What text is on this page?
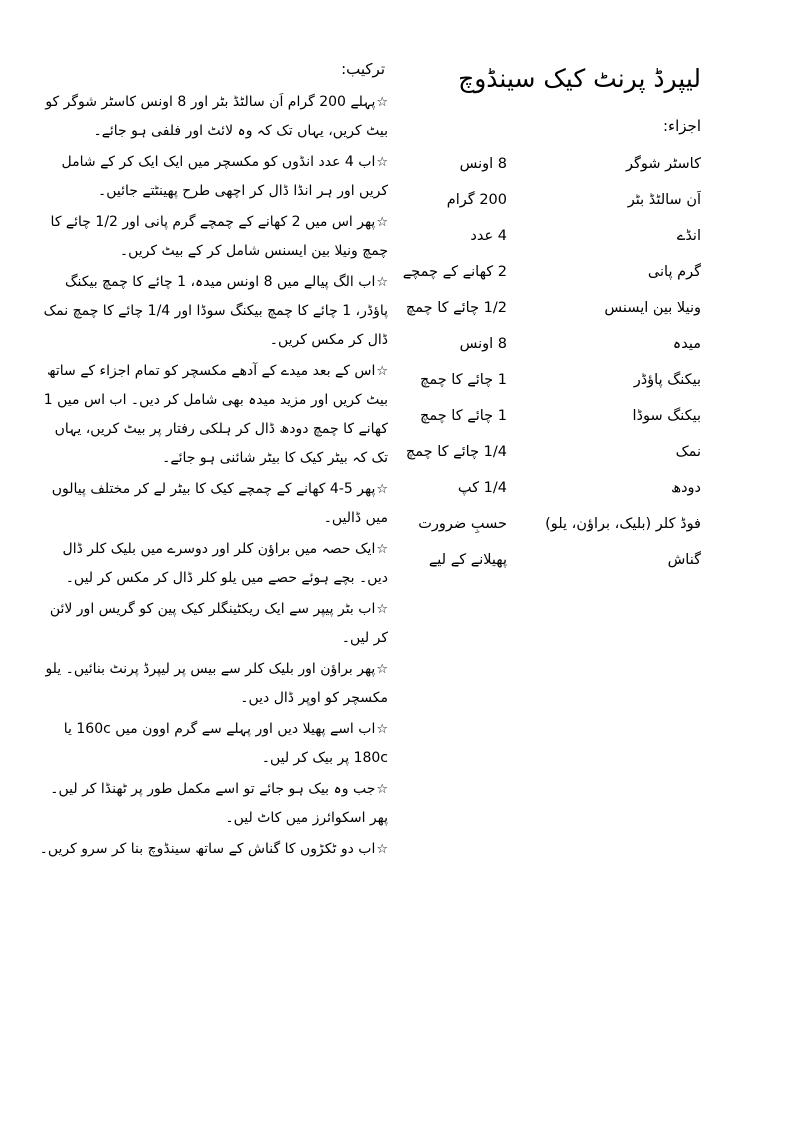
لیپرڈ پرنٹ کیک سینڈوچ
اجزاء:
کاسٹر شوگر
8 اونس
اَن سالٹڈ بٹر
200 گرام
انڈے
4 عدد
گرم پانی
2 کھانے کے چمچے
ونیلا بین ایسنس
1/2 چائے کا چمچ
میدہ
8 اونس
بیکنگ پاؤڈر
1 چائے کا چمچ
بیکنگ سوڈا
1 چائے کا چمچ
نمک
1/4 چائے کا چمچ
دودھ
1/4 کپ
فوڈ کلر (بلیک، براؤن، یلو)
حسبِ ضرورت
گناش
پھیلانے کے لیے
ترکیب:
☆پہلے 200 گرام اَن سالٹڈ بٹر اور 8 اونس کاسٹر شوگر کو بیٹ کریں، یہاں تک کہ وہ لائٹ اور فلفی ہو جائے۔
☆اب 4 عدد انڈوں کو مکسچر میں ایک ایک کر کے شامل کریں اور ہر انڈا ڈال کر اچھی طرح پھینٹتے جائیں۔
☆پھر اس میں 2 کھانے کے چمچے گرم پانی اور 1/2 چائے کا چمچ ونیلا بین ایسنس شامل کر کے بیٹ کریں۔
☆اب الگ پیالے میں 8 اونس میدہ، 1 چائے کا چمچ بیکنگ پاؤڈر، 1 چائے کا چمچ بیکنگ سوڈا اور 1/4 چائے کا چمچ نمک ڈال کر مکس کریں۔
☆اس کے بعد میدے کے آدھے مکسچر کو تمام اجزاء کے ساتھ بیٹ کریں اور مزید میدہ بھی شامل کر دیں۔ اب اس میں 1 کھانے کا چمچ دودھ ڈال کر ہلکی رفتار پر بیٹ کریں، یہاں تک کہ بیٹر کیک کا بیٹر شائنی ہو جائے۔
☆پھر 5-4 کھانے کے چمچے کیک کا بیٹر لے کر مختلف پیالوں میں ڈالیں۔
☆ایک حصہ میں براؤن کلر اور دوسرے میں بلیک کلر ڈال دیں۔ بچے ہوئے حصے میں یلو کلر ڈال کر مکس کر لیں۔
☆اب بٹر پیپر سے ایک ریکٹینگلر کیک پین کو گریس اور لائن کر لیں۔
☆پھر براؤن اور بلیک کلر سے بیس پر لیپرڈ پرنٹ بنائیں۔ یلو مکسچر کو اوپر ڈال دیں۔
☆اب اسے پھیلا دیں اور پہلے سے گرم اوون میں 160c یا 180c پر بیک کر لیں۔
☆جب وہ بیک ہو جائے تو اسے مکمل طور پر ٹھنڈا کر لیں۔ پھر اسکوائرز میں کاٹ لیں۔
☆اب دو ٹکڑوں کا گناش کے ساتھ سینڈوچ بنا کر سرو کریں۔
